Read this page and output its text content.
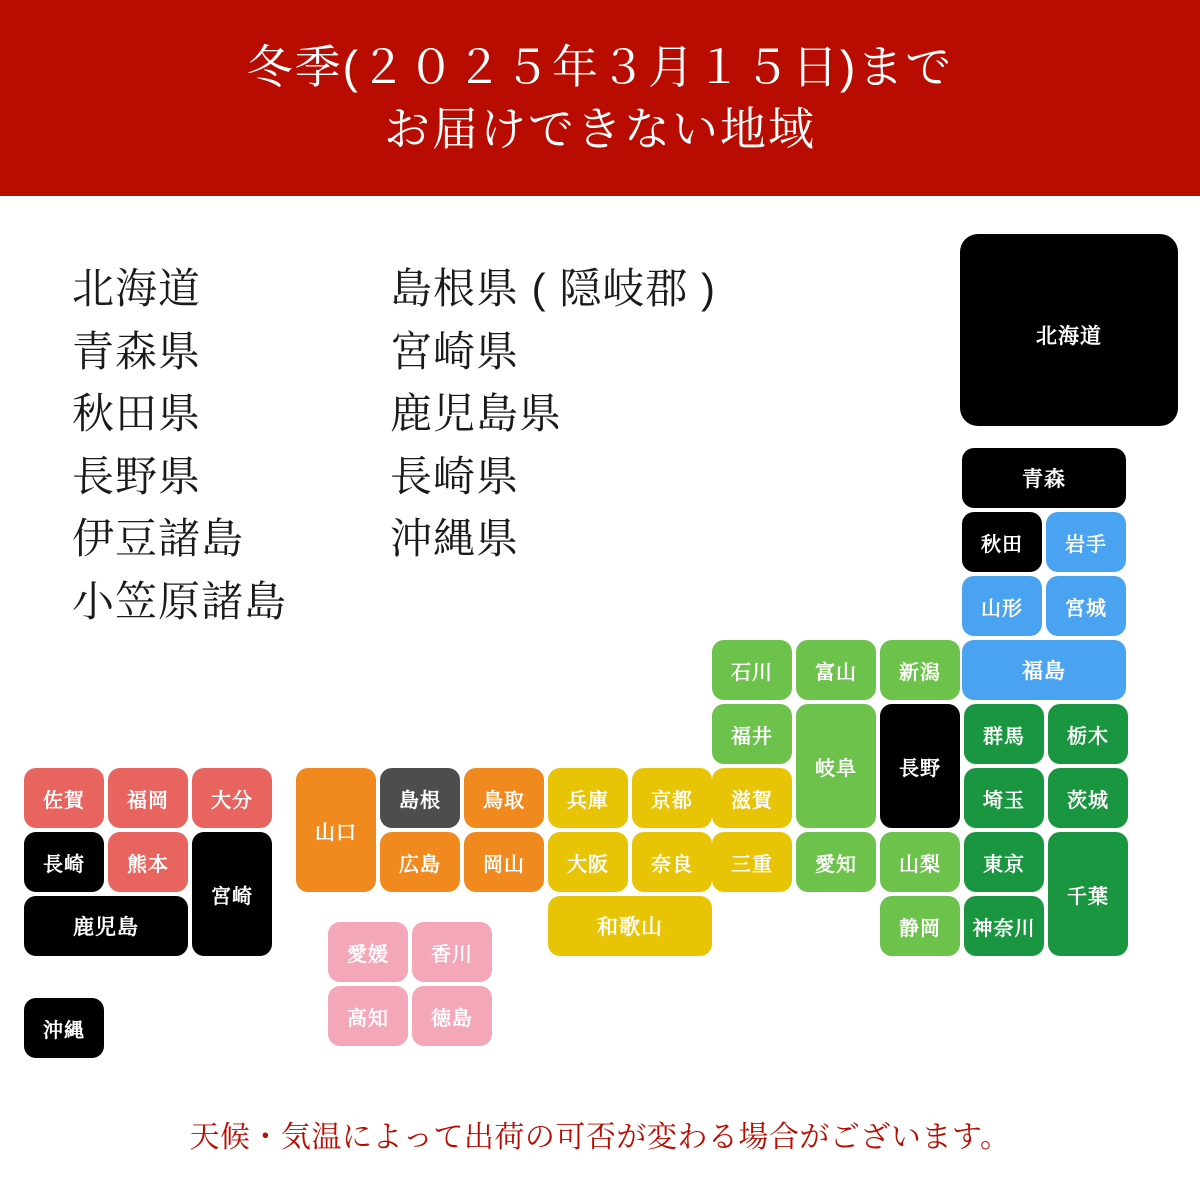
冬季(２０２５年３月１５日)まで
お届けできない地域
北海道
青森県
秋田県
長野県
伊豆諸島
小笠原諸島
島根県 ( 隠岐郡 )
宮崎県
鹿児島県
長崎県
沖縄県
北海道
青森
秋田	岩手
山形	宮城
福島
石川	富山	新潟
福井
岐阜	長野
群馬	栃木
滋賀	埼玉	茨城
山口
島根	鳥取	兵庫	京都
佐賀	福岡	大分
長崎	熊本
宮崎
広島	岡山	大阪	奈良	三重	愛知	山梨	東京
千葉
鹿児島	和歌山	静岡	神奈川
愛媛	香川
高知	徳島
沖縄
天候・気温によって出荷の可否が変わる場合がございます。
